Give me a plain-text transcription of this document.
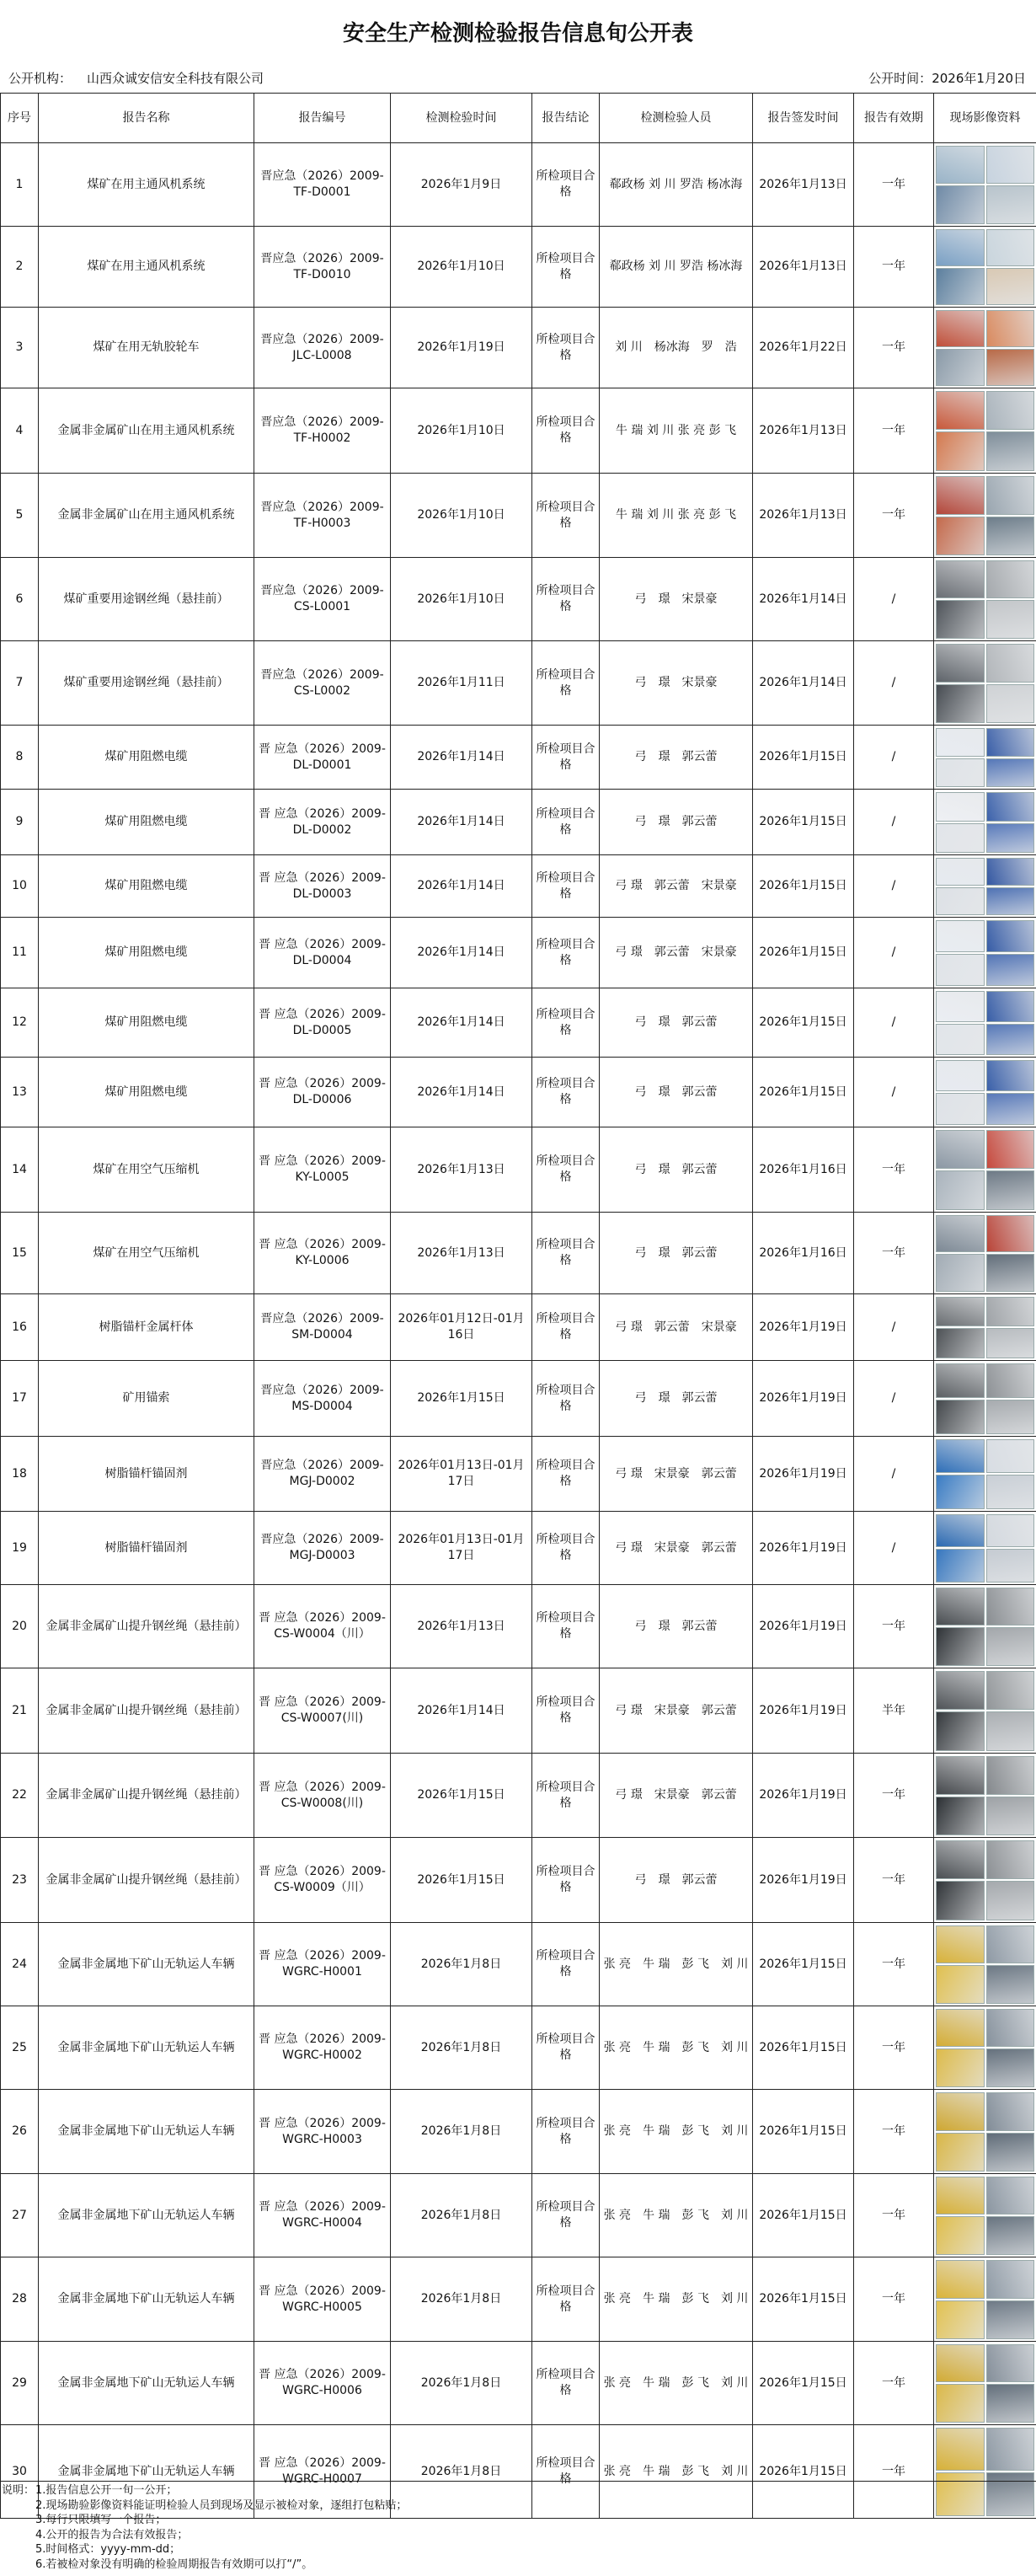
安全生产检测检验报告信息旬公开表
公开机构： 山西众诚安信安全科技有限公司	公开时间： 2026年1月20日
序号	报告名称	报告编号	检测检验时间	报告结论	检测检验人员	报告签发时间	报告有效期	现场影像资料
1	煤矿在用主通风机系统	晋应急（2026）2009-TF-D0001	2026年1月9日	所检项目合格	郗政杨 刘 川 罗浩 杨冰海	2026年1月13日	一年	

2	煤矿在用主通风机系统	晋应急（2026）2009-TF-D0010	2026年1月10日	所检项目合格	郗政杨 刘 川 罗浩 杨冰海	2026年1月13日	一年	

3	煤矿在用无轨胶轮车	晋应急（2026）2009-JLC-L0008	2026年1月19日	所检项目合格	刘 川　杨冰海　罗　浩	2026年1月22日	一年	

4	金属非金属矿山在用主通风机系统	晋应急（2026）2009-TF-H0002	2026年1月10日	所检项目合格	牛 瑞 刘 川 张 亮 彭 飞	2026年1月13日	一年	

5	金属非金属矿山在用主通风机系统	晋应急（2026）2009-TF-H0003	2026年1月10日	所检项目合格	牛 瑞 刘 川 张 亮 彭 飞	2026年1月13日	一年	

6	煤矿重要用途钢丝绳（悬挂前）	晋应急（2026）2009-CS-L0001	2026年1月10日	所检项目合格	弓　璟　宋景豪	2026年1月14日	/	

7	煤矿重要用途钢丝绳（悬挂前）	晋应急（2026）2009-CS-L0002	2026年1月11日	所检项目合格	弓　璟　宋景豪	2026年1月14日	/	

8	煤矿用阻燃电缆	晋 应急（2026）2009-DL-D0001	2026年1月14日	所检项目合格	弓　璟　郭云蕾	2026年1月15日	/	

9	煤矿用阻燃电缆	晋 应急（2026）2009-DL-D0002	2026年1月14日	所检项目合格	弓　璟　郭云蕾	2026年1月15日	/	

10	煤矿用阻燃电缆	晋 应急（2026）2009-DL-D0003	2026年1月14日	所检项目合格	弓 璟　郭云蕾　宋景豪	2026年1月15日	/	

11	煤矿用阻燃电缆	晋 应急（2026）2009-DL-D0004	2026年1月14日	所检项目合格	弓 璟　郭云蕾　宋景豪	2026年1月15日	/	

12	煤矿用阻燃电缆	晋 应急（2026）2009-DL-D0005	2026年1月14日	所检项目合格	弓　璟　郭云蕾	2026年1月15日	/	

13	煤矿用阻燃电缆	晋 应急（2026）2009-DL-D0006	2026年1月14日	所检项目合格	弓　璟　郭云蕾	2026年1月15日	/	

14	煤矿在用空气压缩机	晋 应急（2026）2009-KY-L0005	2026年1月13日	所检项目合格	弓　璟　郭云蕾	2026年1月16日	一年	

15	煤矿在用空气压缩机	晋 应急（2026）2009-KY-L0006	2026年1月13日	所检项目合格	弓　璟　郭云蕾	2026年1月16日	一年	

16	树脂锚杆金属杆体	晋应急（2026）2009-SM-D0004	2026年01月12日-01月16日	所检项目合格	弓 璟　郭云蕾　宋景豪	2026年1月19日	/	

17	矿用锚索	晋应急（2026）2009-MS-D0004	2026年1月15日	所检项目合格	弓　璟　郭云蕾	2026年1月19日	/	

18	树脂锚杆锚固剂	晋应急（2026）2009-MGJ-D0002	2026年01月13日-01月17日	所检项目合格	弓 璟　宋景豪　郭云蕾	2026年1月19日	/	

19	树脂锚杆锚固剂	晋应急（2026）2009-MGJ-D0003	2026年01月13日-01月17日	所检项目合格	弓 璟　宋景豪　郭云蕾	2026年1月19日	/	

20	金属非金属矿山提升钢丝绳（悬挂前）	晋 应急（2026）2009-CS-W0004（川）	2026年1月13日	所检项目合格	弓　璟　郭云蕾	2026年1月19日	一年	

21	金属非金属矿山提升钢丝绳（悬挂前）	晋 应急（2026）2009-CS-W0007(川)	2026年1月14日	所检项目合格	弓 璟　宋景豪　郭云蕾	2026年1月19日	半年	

22	金属非金属矿山提升钢丝绳（悬挂前）	晋 应急（2026）2009-CS-W0008(川)	2026年1月15日	所检项目合格	弓 璟　宋景豪　郭云蕾	2026年1月19日	一年	

23	金属非金属矿山提升钢丝绳（悬挂前）	晋 应急（2026）2009-CS-W0009（川）	2026年1月15日	所检项目合格	弓　璟　郭云蕾	2026年1月19日	一年	

24	金属非金属地下矿山无轨运人车辆	晋 应急（2026）2009-WGRC-H0001	2026年1月8日	所检项目合格	张 亮　牛 瑞　彭 飞　刘 川	2026年1月15日	一年	

25	金属非金属地下矿山无轨运人车辆	晋 应急（2026）2009-WGRC-H0002	2026年1月8日	所检项目合格	张 亮　牛 瑞　彭 飞　刘 川	2026年1月15日	一年	

26	金属非金属地下矿山无轨运人车辆	晋 应急（2026）2009-WGRC-H0003	2026年1月8日	所检项目合格	张 亮　牛 瑞　彭 飞　刘 川	2026年1月15日	一年	

27	金属非金属地下矿山无轨运人车辆	晋 应急（2026）2009-WGRC-H0004	2026年1月8日	所检项目合格	张 亮　牛 瑞　彭 飞　刘 川	2026年1月15日	一年	

28	金属非金属地下矿山无轨运人车辆	晋 应急（2026）2009-WGRC-H0005	2026年1月8日	所检项目合格	张 亮　牛 瑞　彭 飞　刘 川	2026年1月15日	一年	

29	金属非金属地下矿山无轨运人车辆	晋 应急（2026）2009-WGRC-H0006	2026年1月8日	所检项目合格	张 亮　牛 瑞　彭 飞　刘 川	2026年1月15日	一年	

30	金属非金属地下矿山无轨运人车辆	晋 应急（2026）2009-WGRC-H0007	2026年1月8日	所检项目合格	张 亮　牛 瑞　彭 飞　刘 川	2026年1月15日	一年	
说明： 1.报告信息公开一旬一公开；
2.现场勘验影像资料能证明检验人员到现场及显示被检对象，逐组打包粘贴；
3.每行只限填写一个报告；
4.公开的报告为合法有效报告；
5.时间格式：yyyy-mm-dd；
6.若被检对象没有明确的检验周期报告有效期可以打“/”。
